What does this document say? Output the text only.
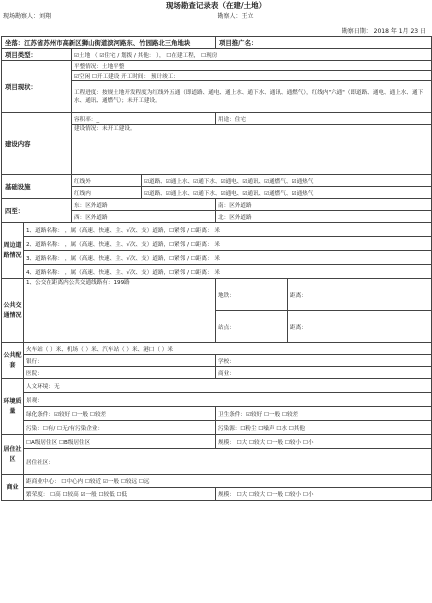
现场勘查记录表（在建/土地）
现场勘察人：刘翔	勘察人：王立
勘察日期： 2018 年 1月 23 日
坐落：江苏省苏州市高新区狮山街道滨河路东、竹园路北三角地块				项目推广名：	
项目类型：		☑土地 （ ☑住宅 / 划拨 / 其他： ）， ☐在建工程， ☐现房			
项目现状：		平整情况：土地平整			
		☑空闲 ☐开工建设 开工时间： 预计竣工：			
		工程进度：按规土地开发程度为红线外五通（即道路、通电、通上水、通下水、通讯、通燃气），红线内"六通"（即道路、通电、通上水、通下水、通讯、通燃气）；未开工建设。			
建设内容		容积率：_		用途：住宅	
		建设情况：未开工建设。			
基础设施		红线外	☑道路、☑通上水、☑通下水、☑通电、☑通讯、☑通燃气、☑通热气		
		红线内	☑道路、☑通上水、☑通下水、☑通电、☑通讯、☑通燃气、☑通热气		
四至：		东：区外道路		南：区外道路	
		西：区外道路		北：区外道路	
周边道路情况	1、道路名称： ，属（高速、快速、主、√次、支）道路，☐紧邻 / ☐距离： 米				
	2、道路名称： ，属（高速、快速、主、√次、支）道路，☐紧邻 / ☐距离： 米				
	3、道路名称： ，属（高速、快速、主、√次、支）道路，☐紧邻 / ☐距离： 米				
	4、道路名称： ，属（高速、快速、主、√次、支）道路，☐紧邻 / ☐距离： 米				
公共交通情况	1、公交在距离内公共交通线路有：199路			地铁：	距离：
				站点：	距离：
公共配套	火车站（ ）米、机场（ ）米、汽车站（ ）米、港口（ ）米				
	银行：			学校：	
	医院：			商业：	
环境质量	人文环境：无				
	景观：				
	绿化条件：☑较好 ☐一般 ☐较差			卫生条件：☑较好 ☐一般 ☐较差	
	污染：☐有/ ☐无/有污染企业：			污染源：☐粉尘 ☐噪声 ☐水 ☐其他	
居住社区	☐A级居住区 ☐B级居住区			规模： ☐大 ☐较大 ☐一般 ☐较小 ☐小	
	居住社区：				
商业	距商业中心： ☐中心内 ☐较近 ☑一般 ☐较远 ☐远				
	繁荣度： ☐高 ☐较高 ☑一般 ☐较低 ☐低			规模： ☐大 ☐较大 ☐一般 ☐较小 ☐小	
